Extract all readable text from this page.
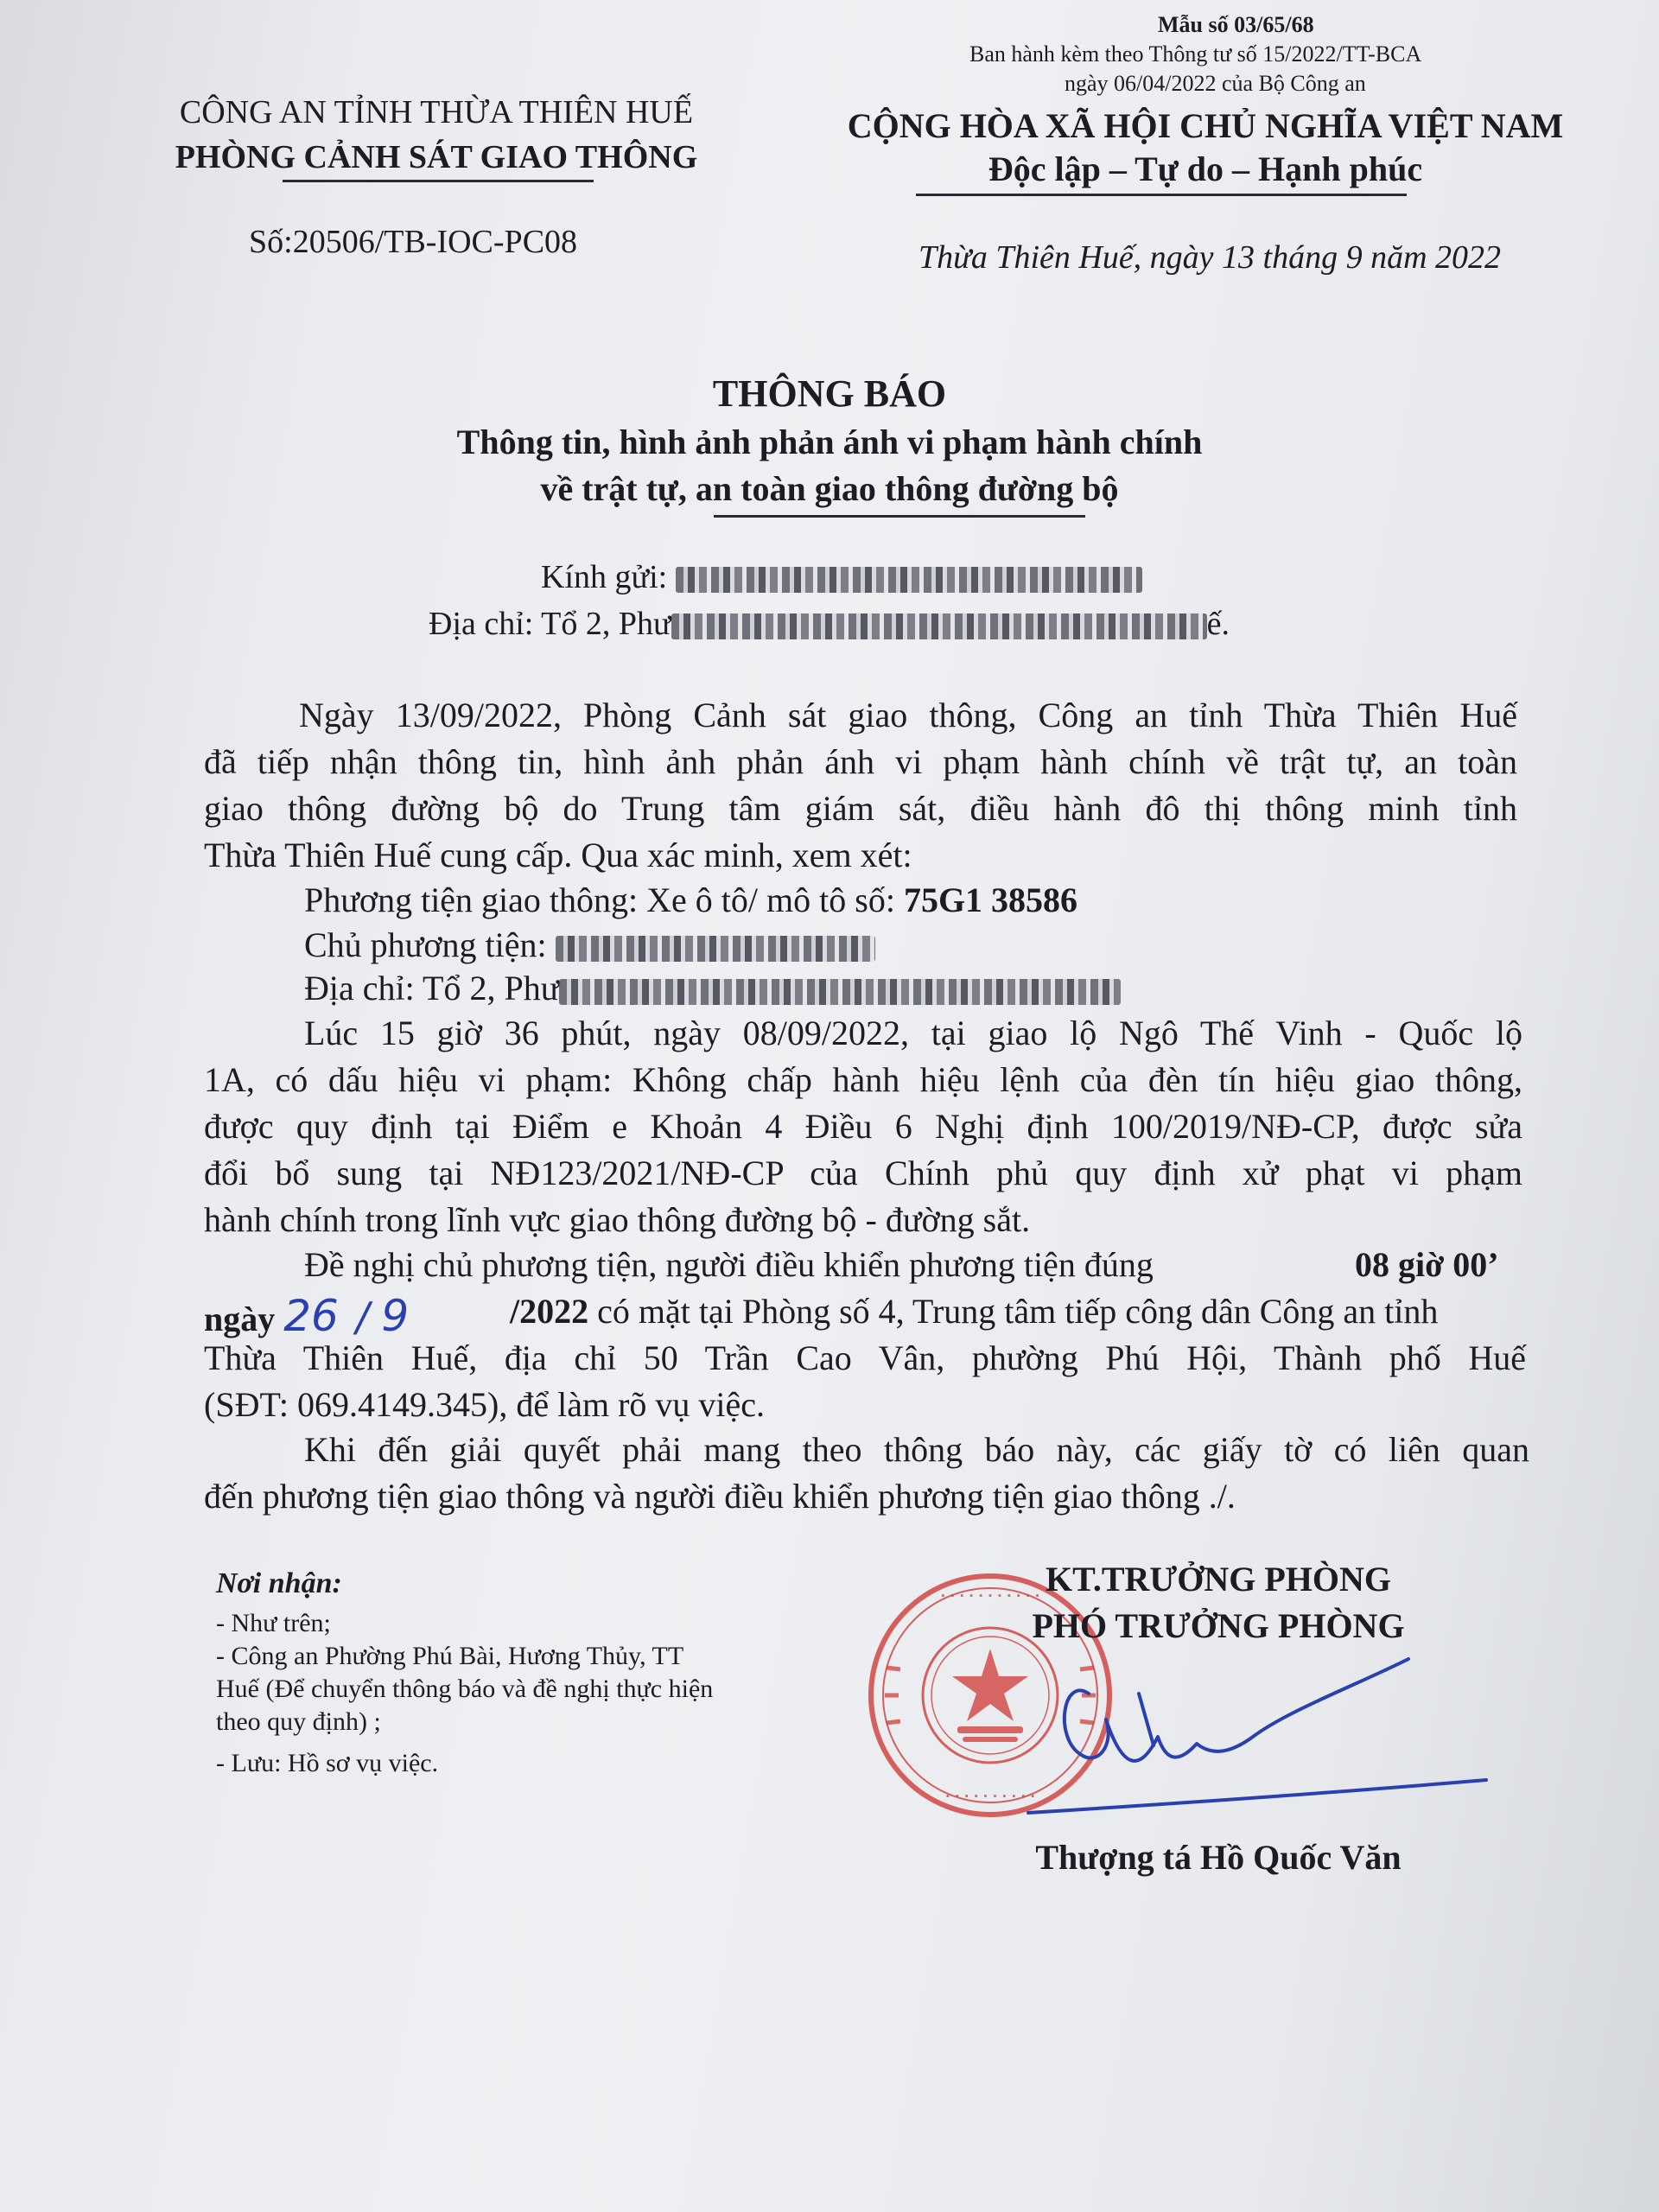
Mẫu số 03/65/68
Ban hành kèm theo Thông tư số 15/2022/TT-BCA
ngày 06/04/2022 của Bộ Công an
CÔNG AN TỈNH THỪA THIÊN HUẾ
PHÒNG CẢNH SÁT GIAO THÔNG
Số:20506/TB-IOC-PC08
CỘNG HÒA XÃ HỘI CHỦ NGHĨA VIỆT NAM
Độc lập – Tự do – Hạnh phúc
Thừa Thiên Huế, ngày 13 tháng 9 năm 2022
THÔNG BÁO
Thông tin, hình ảnh phản ánh vi phạm hành chính
về trật tự, an toàn giao thông đường bộ
Kính gửi:
Địa chỉ: Tổ 2, Phư	ế.
Ngày 13/09/2022, Phòng Cảnh sát giao thông, Công an tỉnh Thừa Thiên Huế
đã tiếp nhận thông tin, hình ảnh phản ánh vi phạm hành chính về trật tự, an toàn
giao thông đường bộ do Trung tâm giám sát, điều hành đô thị thông minh tỉnh
Thừa Thiên Huế cung cấp. Qua xác minh, xem xét:
Phương tiện giao thông: Xe ô tô/ mô tô số: 75G1 38586
Chủ phương tiện:
Địa chỉ: Tổ 2, Phư
Lúc 15 giờ 36 phút, ngày 08/09/2022, tại giao lộ Ngô Thế Vinh - Quốc lộ
1A, có dấu hiệu vi phạm: Không chấp hành hiệu lệnh của đèn tín hiệu giao thông,
được quy định tại Điểm e Khoản 4 Điều 6 Nghị định 100/2019/NĐ-CP, được sửa
đổi bổ sung tại NĐ123/2021/NĐ-CP của Chính phủ quy định xử phạt vi phạm
hành chính trong lĩnh vực giao thông đường bộ - đường sắt.
Đề nghị chủ phương tiện, người điều khiển phương tiện đúng	08 giờ 00’
ngày 26 / 9	/2022 có mặt tại Phòng số 4, Trung tâm tiếp công dân Công an tỉnh
Thừa Thiên Huế, địa chỉ 50 Trần Cao Vân, phường Phú Hội, Thành phố Huế
(SĐT: 069.4149.345), để làm rõ vụ việc.
Khi đến giải quyết phải mang theo thông báo này, các giấy tờ có liên quan
đến phương tiện giao thông và người điều khiển phương tiện giao thông ./.
Nơi nhận:
- Như trên;
- Công an Phường Phú Bài, Hương Thủy, TT
Huế (Để chuyển thông báo và đề nghị thực hiện
theo quy định) ;
- Lưu: Hồ sơ vụ việc.
· · · · · · · · · · ·
· · · · · · · · · ·
KT.TRƯỞNG PHÒNG
PHÓ TRƯỞNG PHÒNG
Thượng tá Hồ Quốc Văn
